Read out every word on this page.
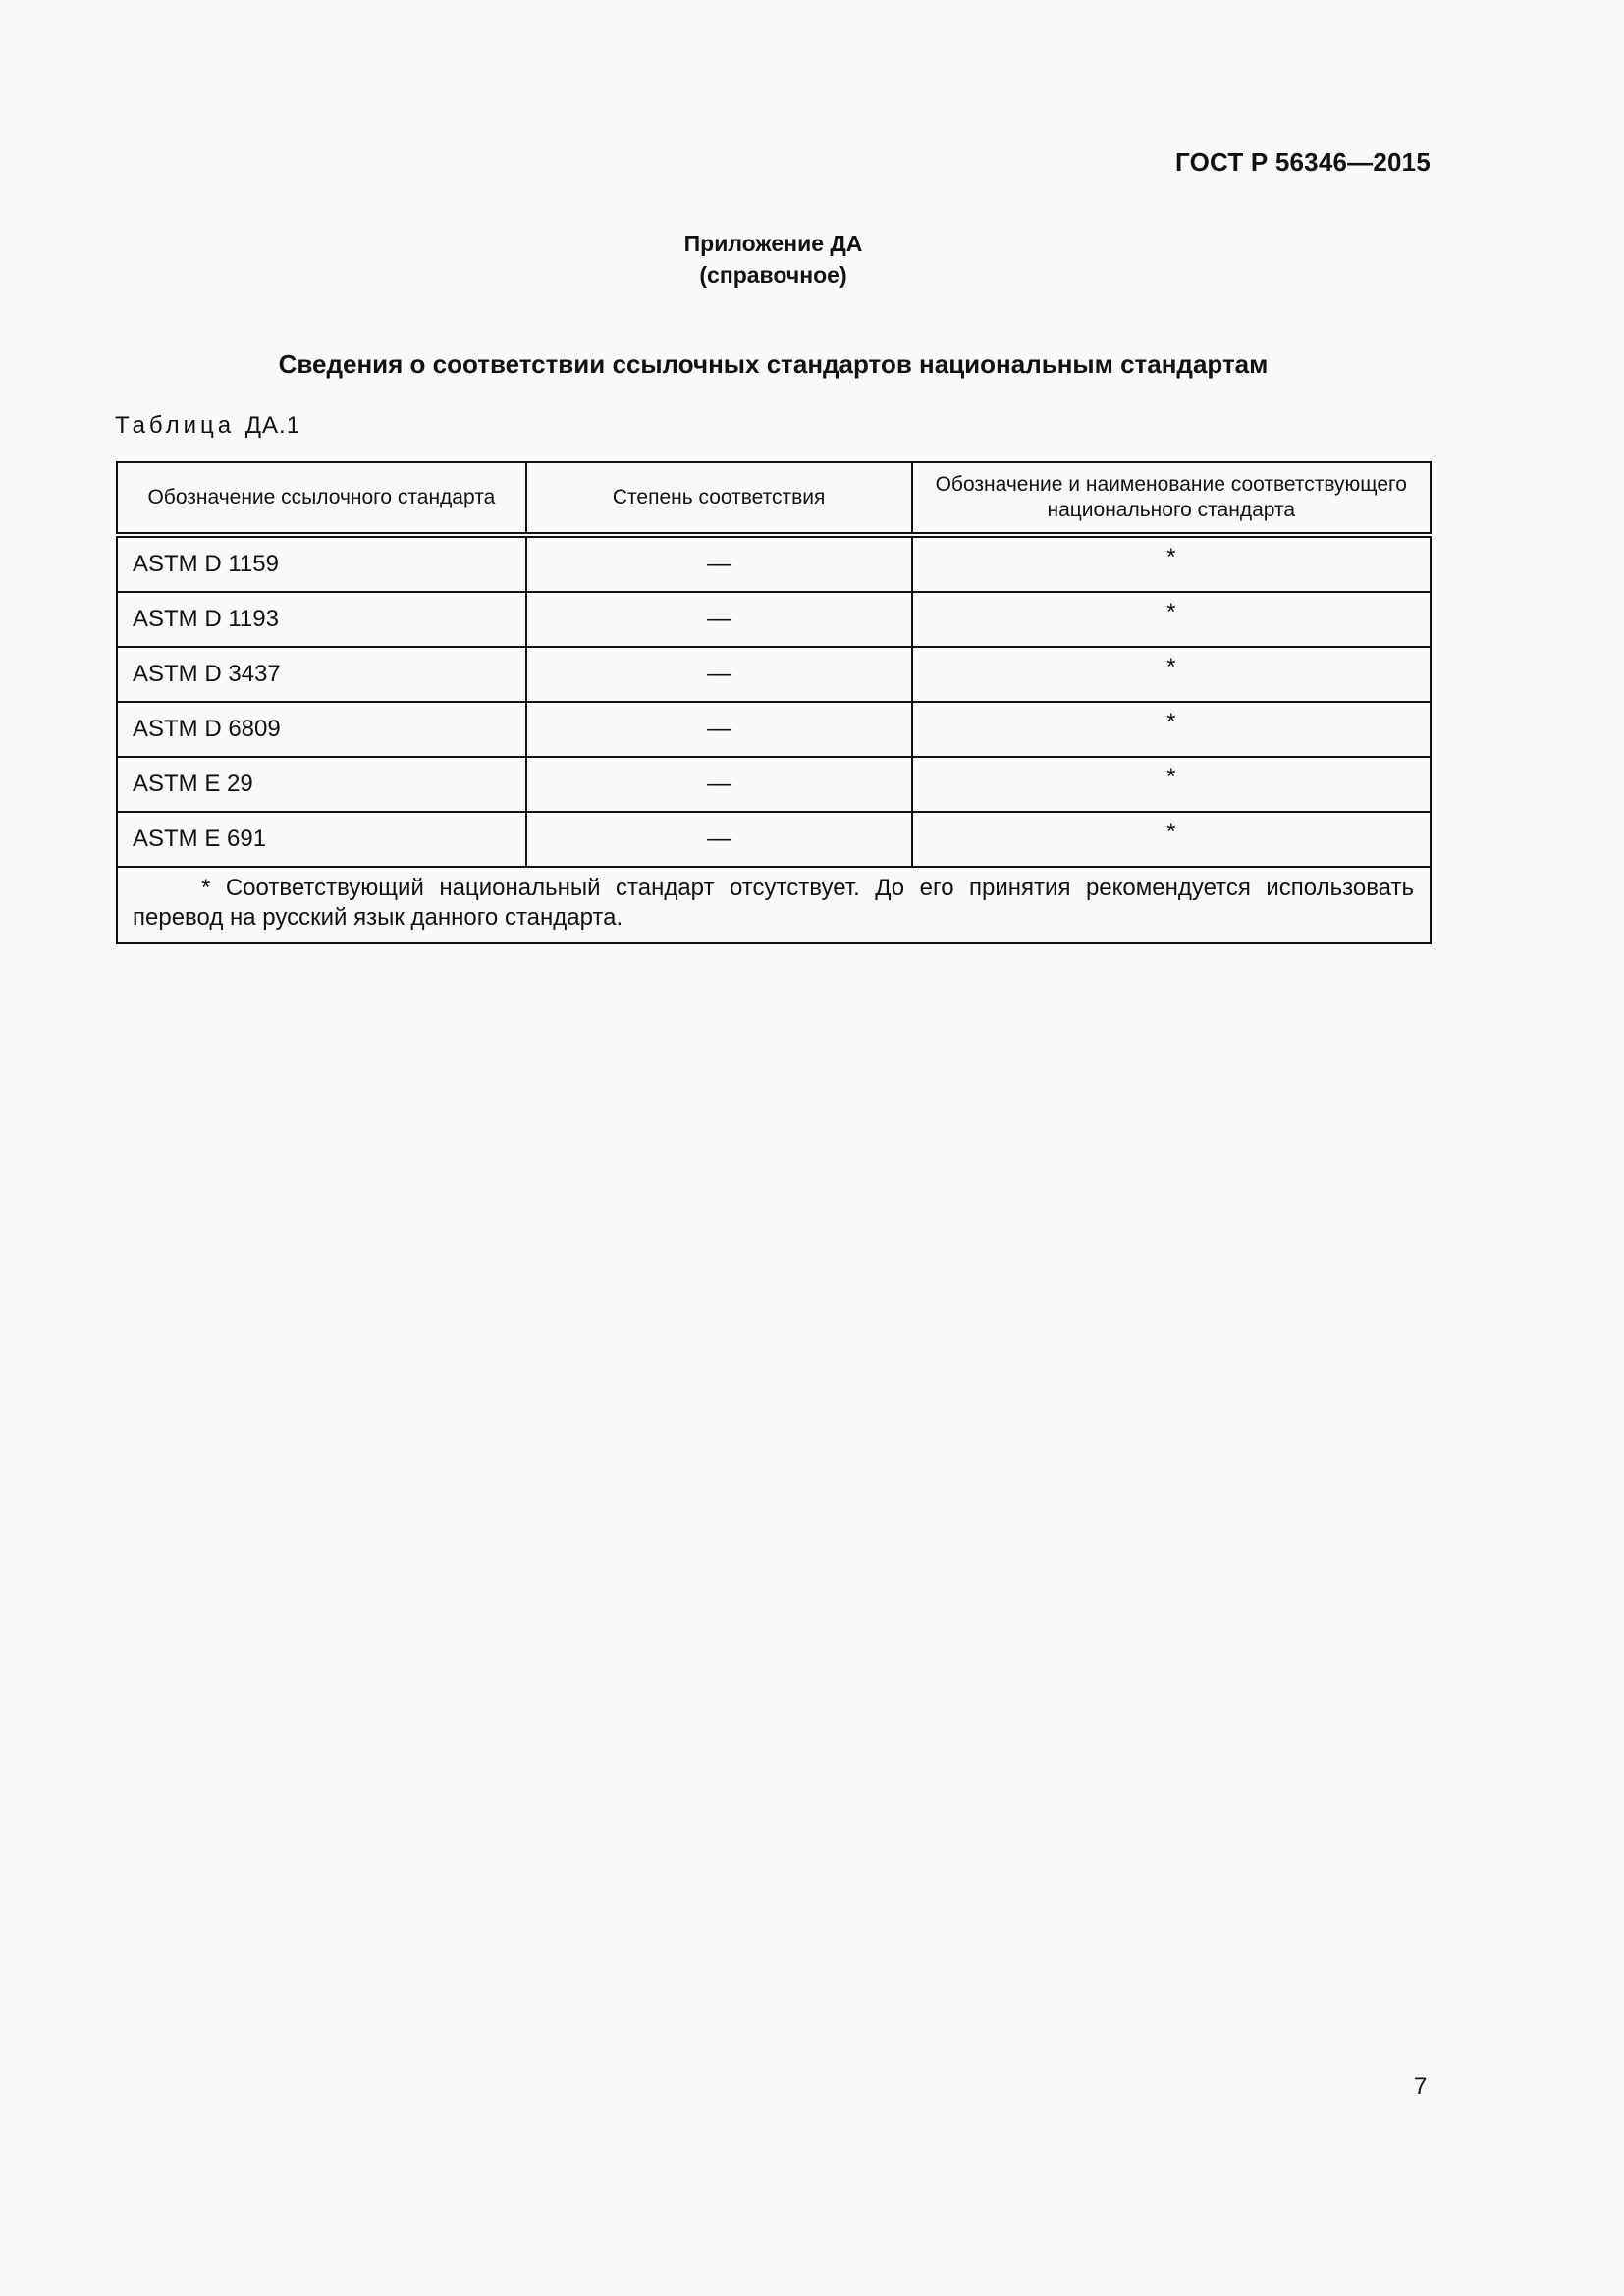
ГОСТ Р 56346—2015
Приложение ДА
(справочное)
Сведения о соответствии ссылочных стандартов национальным стандартам
Таблица ДА.1
Обозначение ссылочного стандарта	Степень соответствия	Обозначение и наименование соответствующего национального стандарта
ASTM D 1159	—	*
ASTM D 1193	—	*
ASTM D 3437	—	*
ASTM D 6809	—	*
ASTM E 29	—	*
ASTM E 691	—	*
* Соответствующий национальный стандарт отсутствует. До его принятия рекомендуется использовать перевод на русский язык данного стандарта.		
7
